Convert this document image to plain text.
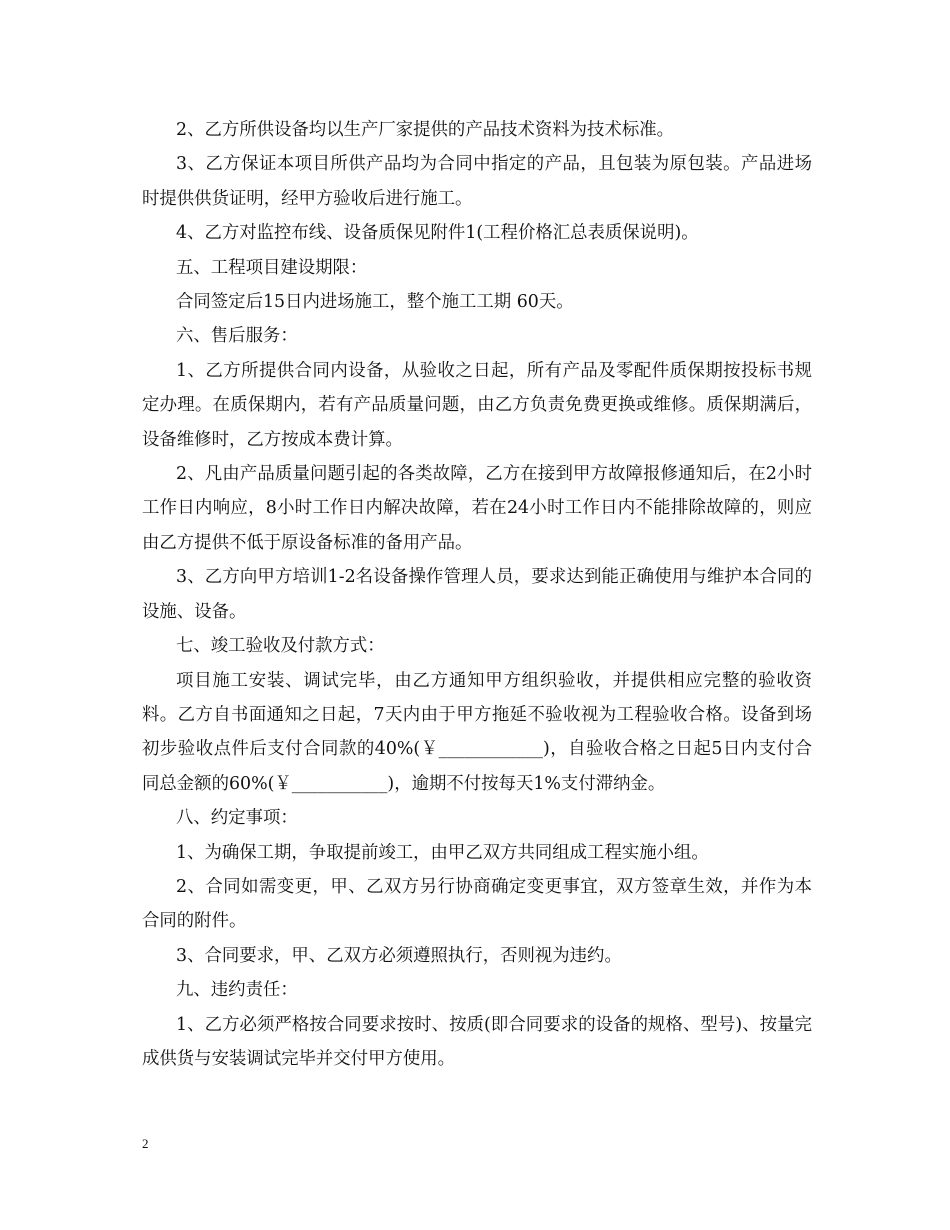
2、乙方所供设备均以生产厂家提供的产品技术资料为技术标准。

3、乙方保证本项目所供产品均为合同中指定的产品，且包装为原包装。产品进场时提供供货证明，经甲方验收后进行施工。

4、乙方对监控布线、设备质保见附件1(工程价格汇总表质保说明)。

五、工程项目建设期限：

合同签定后15日内进场施工，整个施工工期 60天。

六、售后服务：

1、乙方所提供合同内设备，从验收之日起，所有产品及零配件质保期按投标书规定办理。在质保期内，若有产品质量问题，由乙方负责免费更换或维修。质保期满后，设备维修时，乙方按成本费计算。

2、凡由产品质量问题引起的各类故障，乙方在接到甲方故障报修通知后，在2小时工作日内响应，8小时工作日内解决故障，若在24小时工作日内不能排除故障的，则应由乙方提供不低于原设备标准的备用产品。

3、乙方向甲方培训1-2名设备操作管理人员，要求达到能正确使用与维护本合同的设施、设备。

七、竣工验收及付款方式：

项目施工安装、调试完毕，由乙方通知甲方组织验收，并提供相应完整的验收资料。乙方自书面通知之日起，7天内由于甲方拖延不验收视为工程验收合格。设备到场初步验收点件后支付合同款的40%(￥____________)，自验收合格之日起5日内支付合同总金额的60%(￥___________)，逾期不付按每天1%支付滞纳金。

八、约定事项：

1、为确保工期，争取提前竣工，由甲乙双方共同组成工程实施小组。

2、合同如需变更，甲、乙双方另行协商确定变更事宜，双方签章生效，并作为本合同的附件。

3、合同要求，甲、乙双方必须遵照执行，否则视为违约。

九、违约责任：

1、乙方必须严格按合同要求按时、按质(即合同要求的设备的规格、型号)、按量完成供货与安装调试完毕并交付甲方使用。

2
